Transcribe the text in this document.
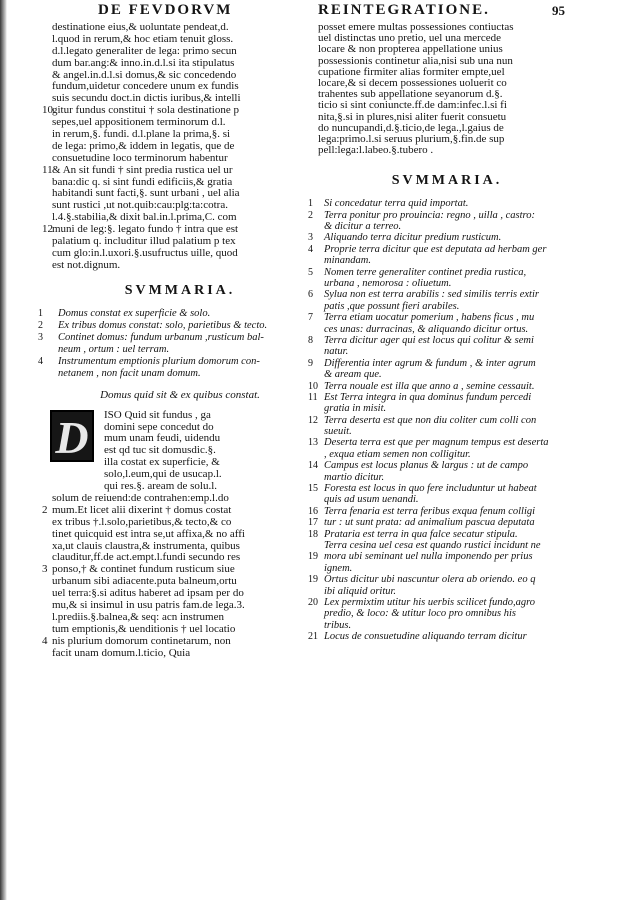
DE FEVDORVM	REINTEGRATIONE.	95
destinatione eius,& uoluntate pendeat,d.
l.quod in rerum,& hoc etiam tenuit gloss.
d.l.legato generaliter de lega: primo secun
dum bar.ang:& inno.in.d.l.si ita stipulatus
& angel.in.d.l.si domus,& sic concedendo
fundum,uidetur concedere unum ex fundis
suis secundu doct.in dictis iuribus,& intelli
gitur fundus constitui † sola destinatione p
10
sepes,uel appositionem terminorum d.l.
in rerum,§. fundi. d.l.plane la prima,§. si
de lega: primo,& iddem in legatis, que de
consuetudine loco terminorum habentur
& An sit fundi † sint predia rustica uel ur
11
bana:dic q. si sint fundi edificiis,& gratia
habitandi sunt facti,§. sunt urbani , uel alia
sunt rustici ,ut not.quib:cau:plg:ta:cotra.
l.4.§.stabilia,& dixit bal.in.l.prima,C. com
muni de leg:§. legato fundo † intra que est
12
palatium q. includitur illud palatium p tex
cum glo:in.l.uxori.§.usufructus uille, quod
est not.dignum.
SVMMARIA.
1 Domus constat ex superficie & solo.
2 Ex tribus domus constat: solo, parietibus & tecto.
3 Continet domus: fundum urbanum ,rusticum bal-
neum , ortum : uel terram.
4 Instrumentum emptionis plurium domorum con-
netanem , non facit unam domum.
Domus quid sit & ex quibus constat.
D	ISO Quid sit fundus , ga
domini sepe concedut do
mum unam feudi, uidendu
est qd tuc sit domusdic.§.
illa costat ex superficie, &
solo,l.eum,qui de usucap.l.
qui res.§. aream de solu.l.
solum de reiuend:de contrahen:emp.l.do
mum.Et licet alii dixerint † domus costat
2
ex tribus †.l.solo,parietibus,& tecto,& co
tinet quicquid est intra se,ut affixa,& no affi
xa,ut clauis claustra,& instrumenta, quibus
clauditur,ff.de act.empt.l.fundi secundo res
ponso,† & continet fundum rusticum siue
3
urbanum sibi adiacente.puta balneum,ortu
uel terra:§.si aditus haberet ad ipsam per do
mu,& si insimul in usu patris fam.de lega.3.
l.prediis.§.balnea,& seq: acn instrumen
tum emptionis,& uenditionis † uel locatio
nis plurium domorum continetarum, non
4
facit unam domum.l.ticio, Quia
posset emere multas possessiones contiuctas
uel distinctas uno pretio, uel una mercede
locare & non propterea appellatione unius
possessionis continetur alia,nisi sub una nun
cupatione firmiter alias formiter empte,uel
locare,& si decem possessiones uoluerit co
trahentes sub appellatione seyanorum d.§.
ticio si sint coniuncte.ff.de dam:infec.l.si fi
nita,§.si in plures,nisi aliter fuerit consuetu
do nuncupandi,d.§.ticio,de lega.,l.gaius de
lega:primo.l.si seruus plurium,§.fin.de sup
pell:lega:l.labeo.§.tubero .
SVMMARIA.
1 Si concedatur terra quid importat.
2 Terra ponitur pro prouincia: regno , uilla , castro:
& dicitur a terreo.
3 Aliquando terra dicitur predium rusticum.
4 Proprie terra dicitur que est deputata ad herbam ger
minandam.
5 Nomen terre generaliter continet predia rustica,
urbana , nemorosa : oliuetum.
6 Sylua non est terra arabilis : sed similis terris extir
patis ,que possunt fieri arabiles.
7 Terra etiam uocatur pomerium , habens ficus , mu
ces unas: durracinas, & aliquando dicitur ortus.
8 Terra dicitur ager qui est locus qui colitur & semi
natur.
9 Differentia inter agrum & fundum , & inter agrum
& aream que.
10 Terra nouale est illa que anno a , semine cessauit.
11 Est Terra integra in qua dominus fundum percedi
gratia in misit.
12 Terra deserta est que non diu coliter cum colli con
sueuit.
13 Deserta terra est que per magnum tempus est deserta
, exqua etiam semen non colligitur.
14 Campus est locus planus & largus : ut de campo
martio dicitur.
15 Foresta est locus in quo fere includuntur ut habeat
quis ad usum uenandi.
16 Terra fenaria est terra feribus exqua fenum colligi
17 tur : ut sunt prata: ad animalium pascua deputata
18 Prataria est terra in qua falce secatur stipula.
Terra cesina uel cesa est quando rustici incidunt ne
19 mora ubi seminant uel nulla imponendo per prius
ignem.
19 Ortus dicitur ubi nascuntur olera ab oriendo. eo q
ibi aliquid oritur.
20 Lex permixtim utitur his uerbis scilicet fundo,agro
predio, & loco: & utitur loco pro omnibus his
tribus.
21 Locus de consuetudine aliquando terram dicitur
